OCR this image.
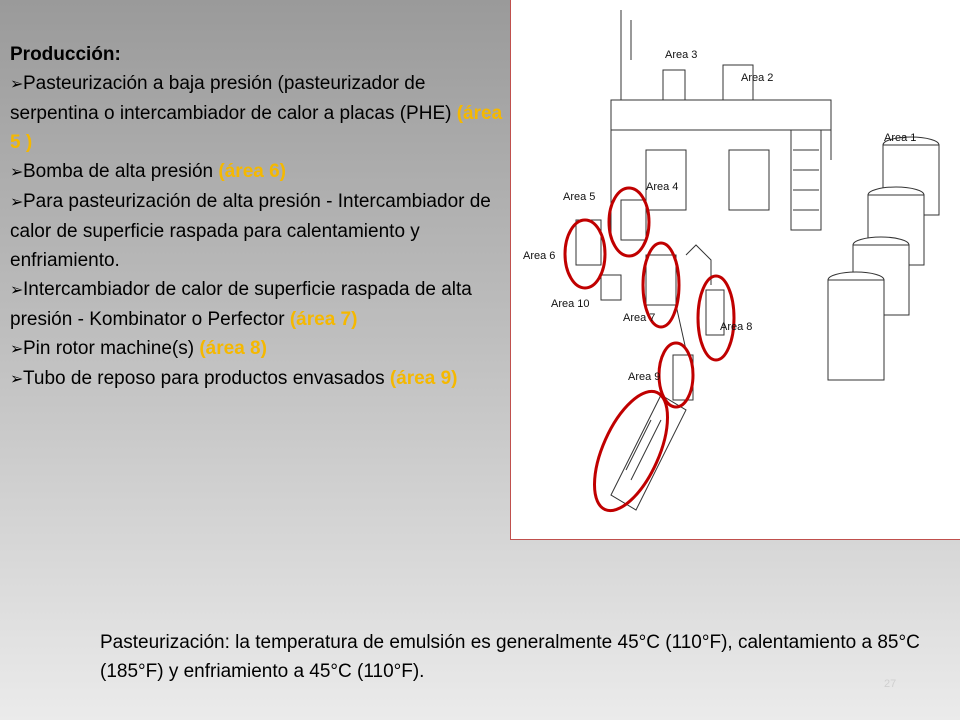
Producción:
➢Pasteurización a baja presión (pasteurizador de serpentina o intercambiador de calor a placas (PHE) (área 5 )
➢Bomba de alta presión (área 6)
➢Para pasteurización de alta presión - Intercambiador de calor de superficie raspada para calentamiento y enfriamiento.
➢Intercambiador de calor de superficie raspada de alta presión - Kombinator o Perfector (área 7)
➢Pin rotor machine(s) (área 8)
➢Tubo de reposo para productos envasados (área 9)
Area 3
Area 2
Area 1
Area 4
Area 5
Area 6
Area 10
Area 7
Area 8
Area 9
Pasteurización: la temperatura de emulsión es generalmente 45°C (110°F), calentamiento a 85°C (185°F) y enfriamiento a 45°C (110°F).
27
